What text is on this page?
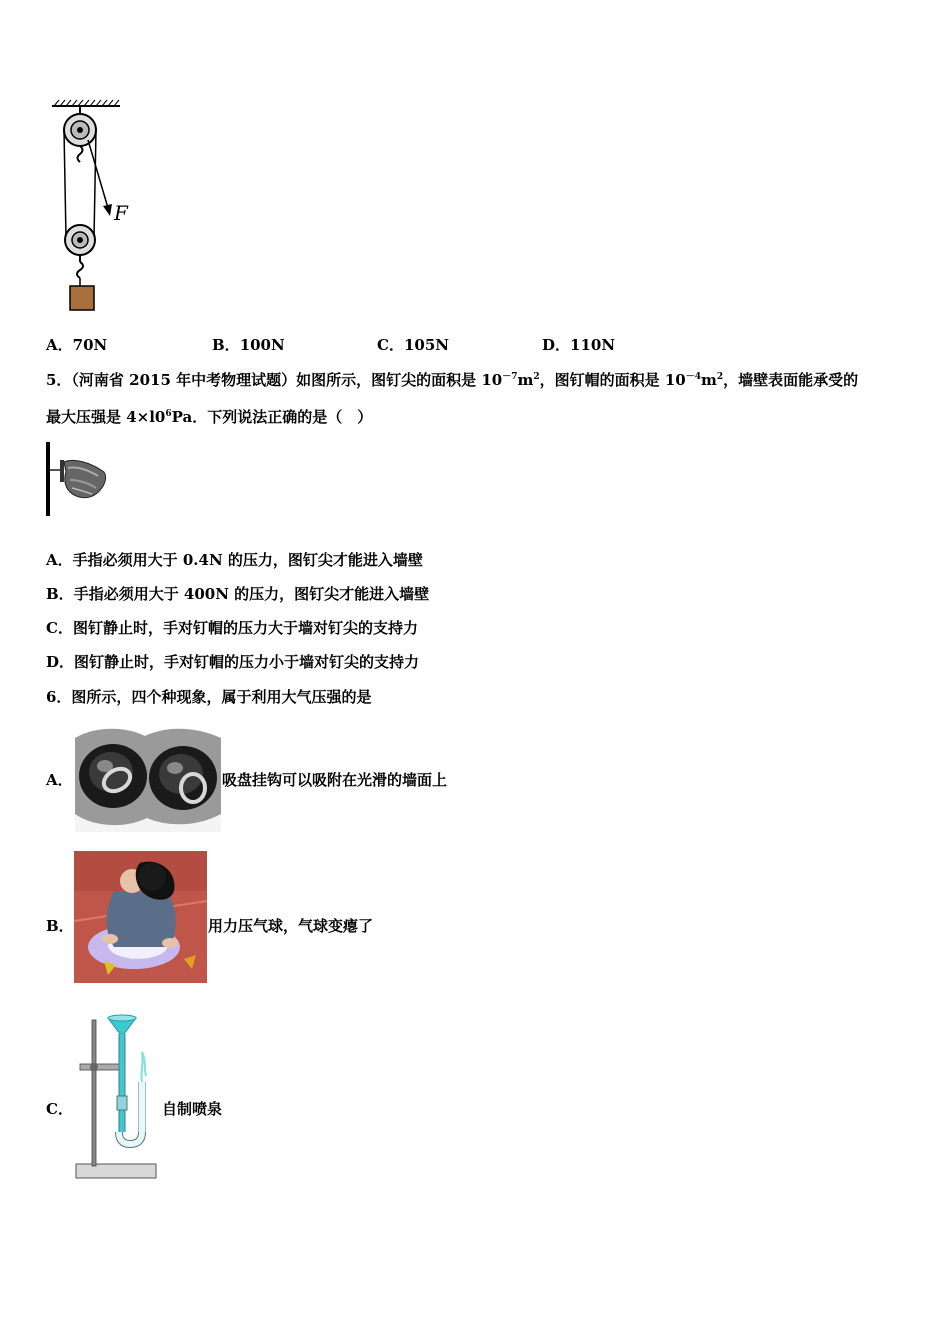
F
A．70N	B．100N	C．105N	D．110N
5．（河南省 2015 年中考物理试题）如图所示，图钉尖的面积是 $10^{-7}m^2$，图钉帽的面积是 $10^{-4}m^2$，墙壁表面能承受的
最大压强是 $4\times l0^6Pa$．下列说法正确的是（　）
A．手指必须用大于 0.4N 的压力，图钉尖才能进入墙壁
B．手指必须用大于 400N 的压力，图钉尖才能进入墙壁
C．图钉静止时，手对钉帽的压力大于墙对钉尖的支持力
D．图钉静止时，手对钉帽的压力小于墙对钉尖的支持力
6．图所示，四个种现象，属于利用大气压强的是
A．	吸盘挂钩可以吸附在光滑的墙面上
B．	用力压气球，气球变瘪了
C．	自制喷泉
